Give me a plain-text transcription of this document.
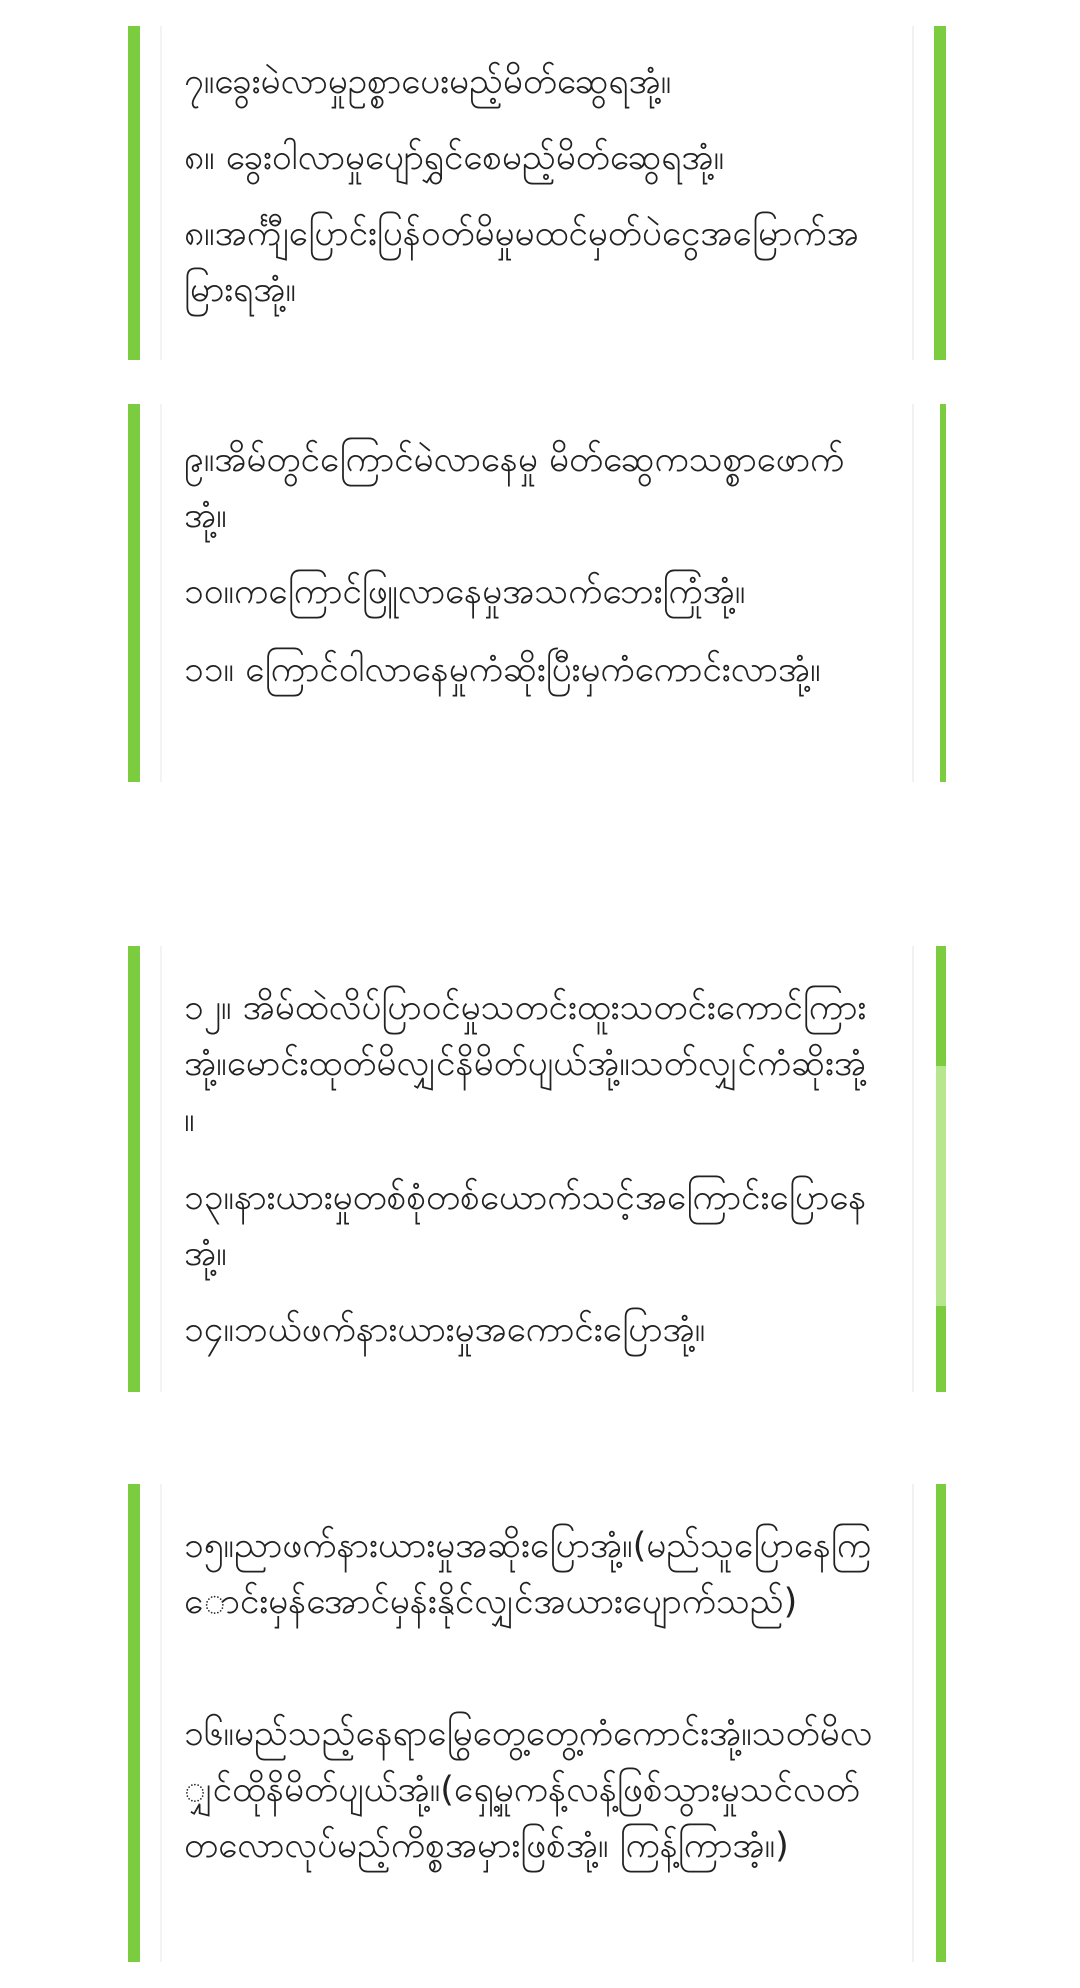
၇။ခွေးမဲလာမှုဥစ္စာပေးမည့်မိတ်ဆွေရအုံ့။

၈။ ခွေးဝါလာမှုပျော်ရွှင်စေမည့်မိတ်ဆွေရအုံ့။

၈။အင်္ကျီပြောင်းပြန်ဝတ်မိမှုမထင်မှတ်ပဲငွေအမြောက်အမြားရအုံ့။

၉။အိမ်တွင်ကြောင်မဲလာနေမှု မိတ်ဆွေကသစ္စာဖောက်အုံ့။

၁၀။ကကြောင်ဖြူလာနေမှုအသက်ဘေးကြုံအုံ့။

၁၁။ ကြောင်ဝါလာနေမှုကံဆိုးပြီးမှကံကောင်းလာအုံ့။

၁၂။ အိမ်ထဲလိပ်ပြာဝင်မှုသတင်းထူးသတင်းကောင်ကြားအုံ့။မောင်းထုတ်မိလျှင်နိမိတ်ပျယ်အုံ့။သတ်လျှင်ကံဆိုးအုံ့။

၁၃။နားယားမှုတစ်စုံတစ်ယောက်သင့်အကြောင်းပြောနေအုံ့။

၁၄။ဘယ်ဖက်နားယားမှုအကောင်းပြောအုံ့။

၁၅။ညာဖက်နားယားမှုအဆိုးပြောအုံ့။(မည်သူပြောနေကြောင်းမှန်အောင်မှန်းနိုင်လျှင်အယားပျောက်သည်)

၁၆။မည်သည့်နေရာမြွေတွေ့တွေ့ကံကောင်းအုံ့။သတ်မိလျှင်ထိုနိမိတ်ပျယ်အုံ့။(ရှေ့မှုကန့်လန့်ဖြစ်သွားမှုသင်လတ်တလောလုပ်မည့်ကိစ္စအမှားဖြစ်အုံ့။ ကြန့်ကြာအံ့။)
